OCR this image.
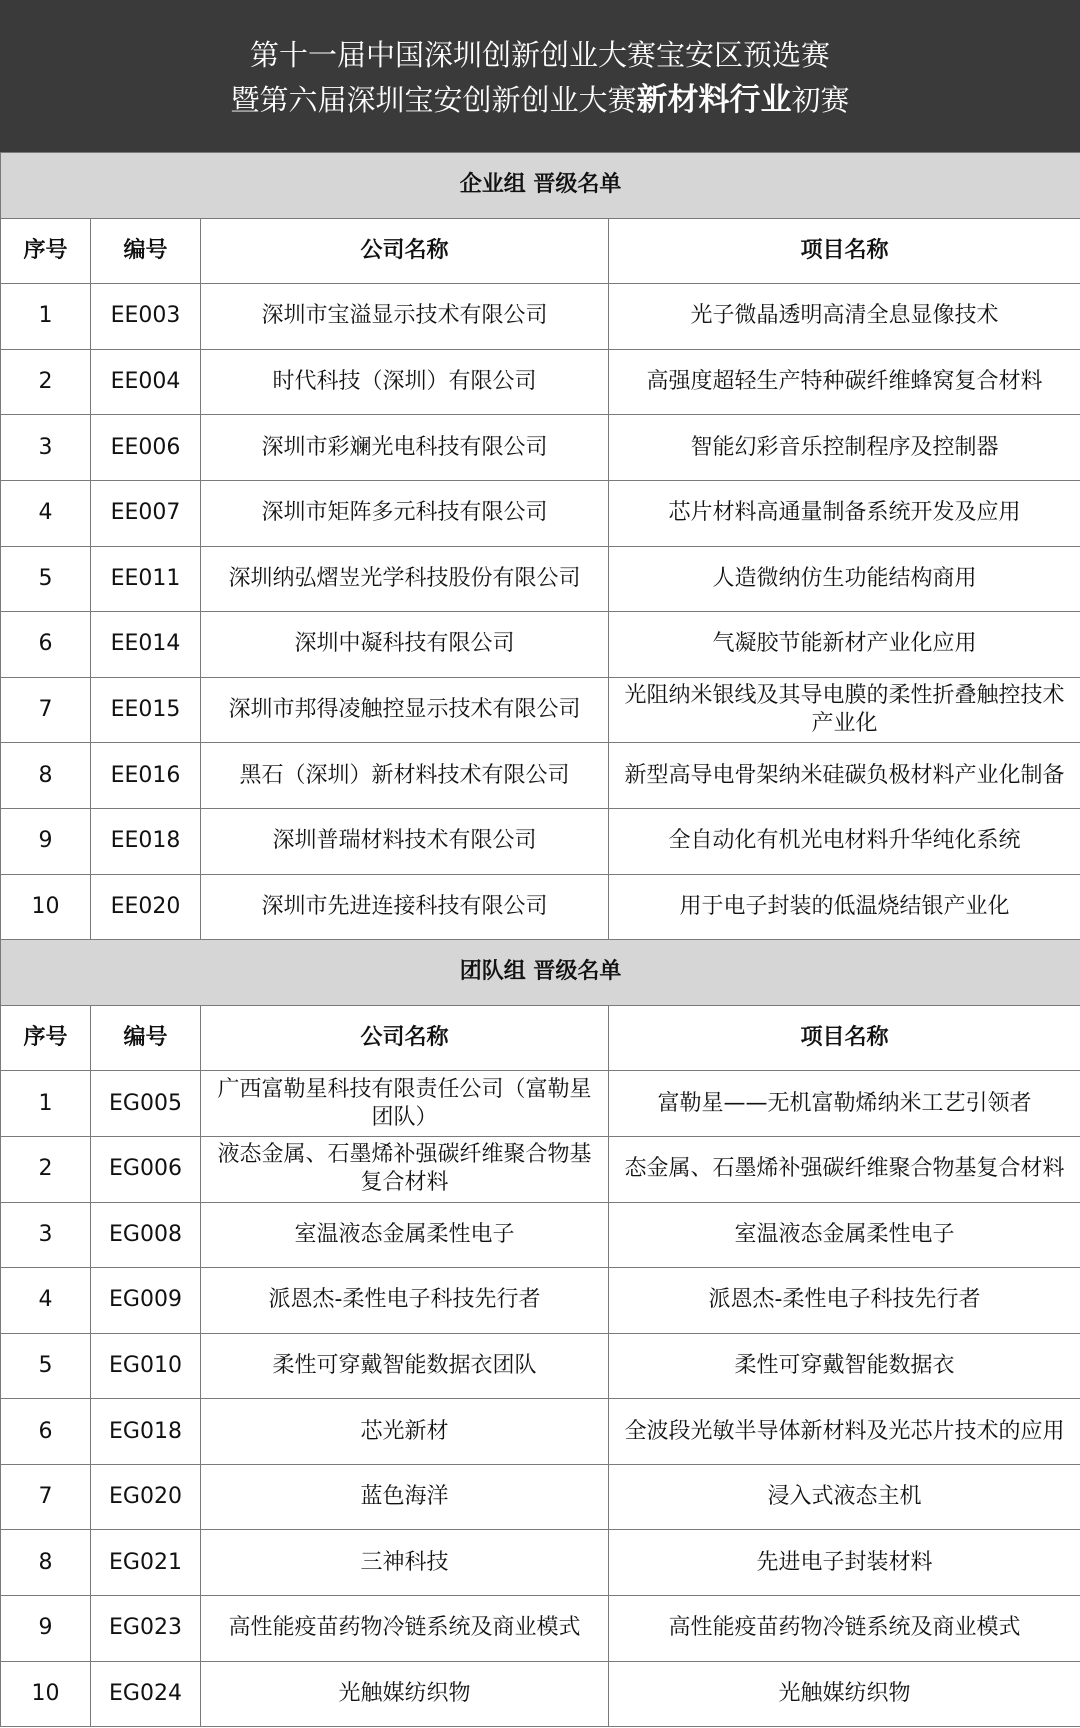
第十一届中国深圳创新创业大赛宝安区预选赛
暨第六届深圳宝安创新创业大赛新材料行业初赛
企业组 晋级名单			

序号	编号	公司名称	项目名称

1	EE003	深圳市宝溢显示技术有限公司	光子微晶透明高清全息显像技术

2	EE004	时代科技（深圳）有限公司	高强度超轻生产特种碳纤维蜂窝复合材料

3	EE006	深圳市彩斓光电科技有限公司	智能幻彩音乐控制程序及控制器

4	EE007	深圳市矩阵多元科技有限公司	芯片材料高通量制备系统开发及应用

5	EE011	深圳纳弘熠岦光学科技股份有限公司	人造微纳仿生功能结构商用

6	EE014	深圳中凝科技有限公司	气凝胶节能新材产业化应用

7	EE015	深圳市邦得凌触控显示技术有限公司	光阻纳米银线及其导电膜的柔性折叠触控技术产业化

8	EE016	黑石（深圳）新材料技术有限公司	新型高导电骨架纳米硅碳负极材料产业化制备

9	EE018	深圳普瑞材料技术有限公司	全自动化有机光电材料升华纯化系统

10	EE020	深圳市先进连接科技有限公司	用于电子封装的低温烧结银产业化

团队组 晋级名单			

序号	编号	公司名称	项目名称

1	EG005	广西富勒星科技有限责任公司（富勒星团队）	富勒星——无机富勒烯纳米工艺引领者

2	EG006	液态金属、石墨烯补强碳纤维聚合物基复合材料	态金属、石墨烯补强碳纤维聚合物基复合材料

3	EG008	室温液态金属柔性电子	室温液态金属柔性电子

4	EG009	派恩杰-柔性电子科技先行者	派恩杰-柔性电子科技先行者

5	EG010	柔性可穿戴智能数据衣团队	柔性可穿戴智能数据衣

6	EG018	芯光新材	全波段光敏半导体新材料及光芯片技术的应用

7	EG020	蓝色海洋	浸入式液态主机

8	EG021	三神科技	先进电子封装材料

9	EG023	高性能疫苗药物冷链系统及商业模式	高性能疫苗药物冷链系统及商业模式

10	EG024	光触媒纺织物	光触媒纺织物
